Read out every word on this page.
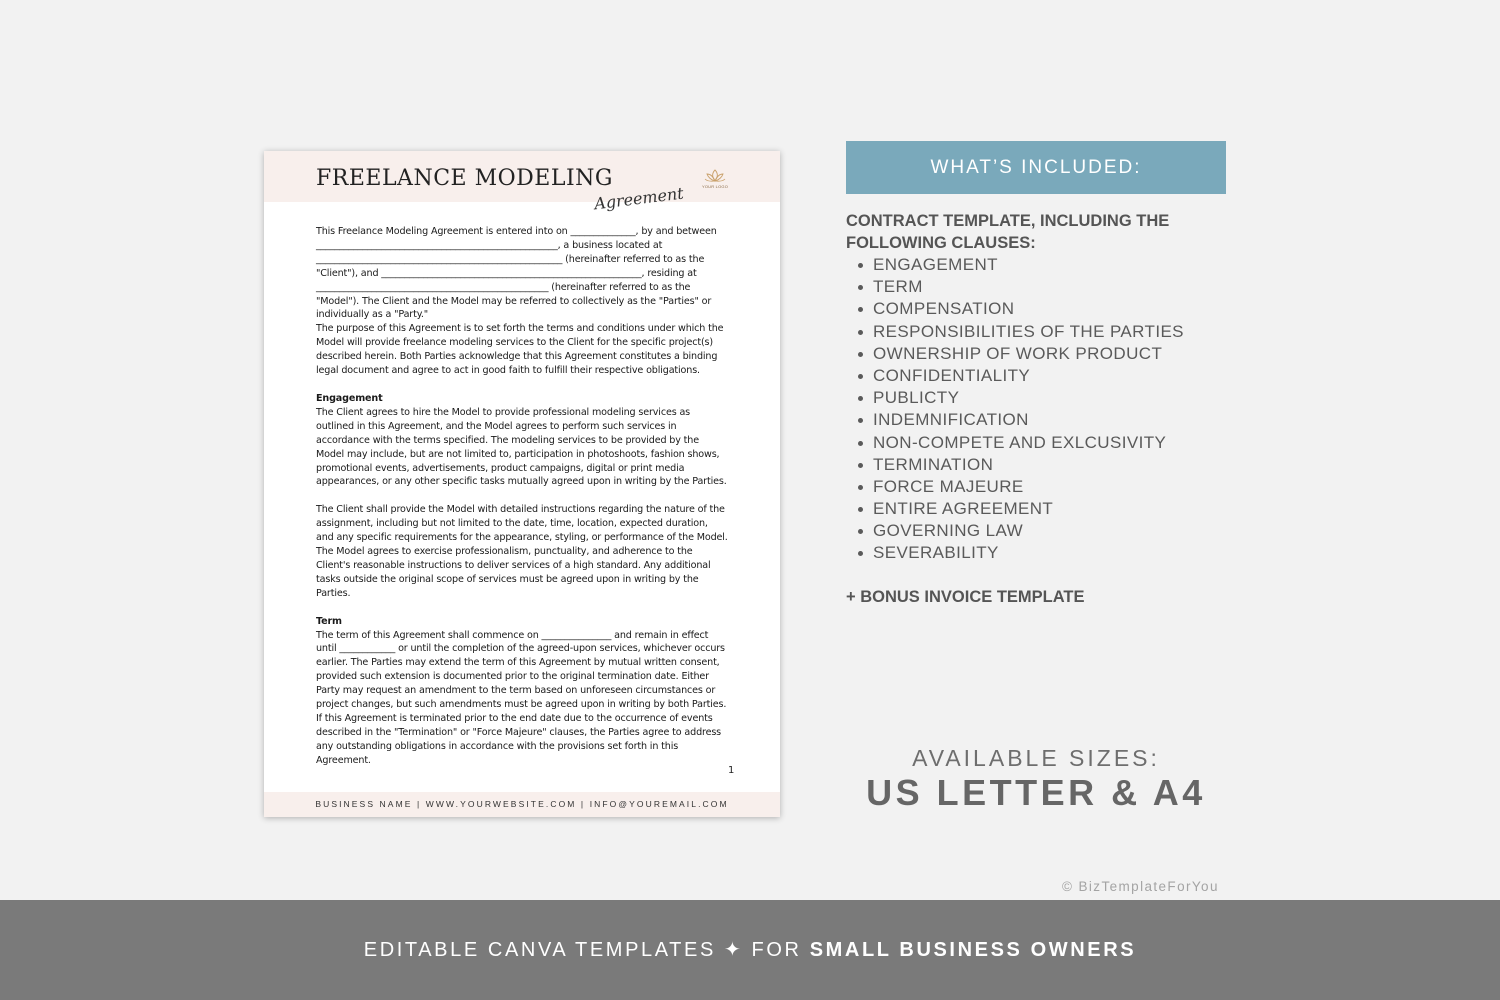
FREELANCE MODELING
Agreement	YOUR LOGO

This Freelance Modeling Agreement is entered into on ______________, by and between ____________________________________________________, a business located at _____________________________________________________ (hereinafter referred to as the "Client"), and ________________________________________________________, residing at __________________________________________________ (hereinafter referred to as the "Model"). The Client and the Model may be referred to collectively as the "Parties" or individually as a "Party."

The purpose of this Agreement is to set forth the terms and conditions under which the Model will provide freelance modeling services to the Client for the specific project(s) described herein. Both Parties acknowledge that this Agreement constitutes a binding legal document and agree to act in good faith to fulfill their respective obligations.

Engagement

The Client agrees to hire the Model to provide professional modeling services as outlined in this Agreement, and the Model agrees to perform such services in accordance with the terms specified. The modeling services to be provided by the Model may include, but are not limited to, participation in photoshoots, fashion shows, promotional events, advertisements, product campaigns, digital or print media appearances, or any other specific tasks mutually agreed upon in writing by the Parties.

The Client shall provide the Model with detailed instructions regarding the nature of the assignment, including but not limited to the date, time, location, expected duration, and any specific requirements for the appearance, styling, or performance of the Model. The Model agrees to exercise professionalism, punctuality, and adherence to the Client's reasonable instructions to deliver services of a high standard. Any additional tasks outside the original scope of services must be agreed upon in writing by the Parties.

Term

The term of this Agreement shall commence on _______________ and remain in effect until ____________ or until the completion of the agreed-upon services, whichever occurs earlier. The Parties may extend the term of this Agreement by mutual written consent, provided such extension is documented prior to the original termination date. Either Party may request an amendment to the term based on unforeseen circumstances or project changes, but such amendments must be agreed upon in writing by both Parties. If this Agreement is terminated prior to the end date due to the occurrence of events described in the "Termination" or "Force Majeure" clauses, the Parties agree to address any outstanding obligations in accordance with the provisions set forth in this Agreement.

1
BUSINESS NAME | WWW.YOURWEBSITE.COM | INFO@YOUREMAIL.COM
WHAT’S INCLUDED:
CONTRACT TEMPLATE, INCLUDING THE FOLLOWING CLAUSES:
ENGAGEMENT
TERM
COMPENSATION
RESPONSIBILITIES OF THE PARTIES
OWNERSHIP OF WORK PRODUCT
CONFIDENTIALITY
PUBLICTY
INDEMNIFICATION
NON-COMPETE AND EXLCUSIVITY
TERMINATION
FORCE MAJEURE
ENTIRE AGREEMENT
GOVERNING LAW
SEVERABILITY
+ BONUS INVOICE TEMPLATE
AVAILABLE SIZES:
US LETTER & A4
© BizTemplateForYou
EDITABLE CANVA TEMPLATES ✦ FOR SMALL BUSINESS OWNERS
